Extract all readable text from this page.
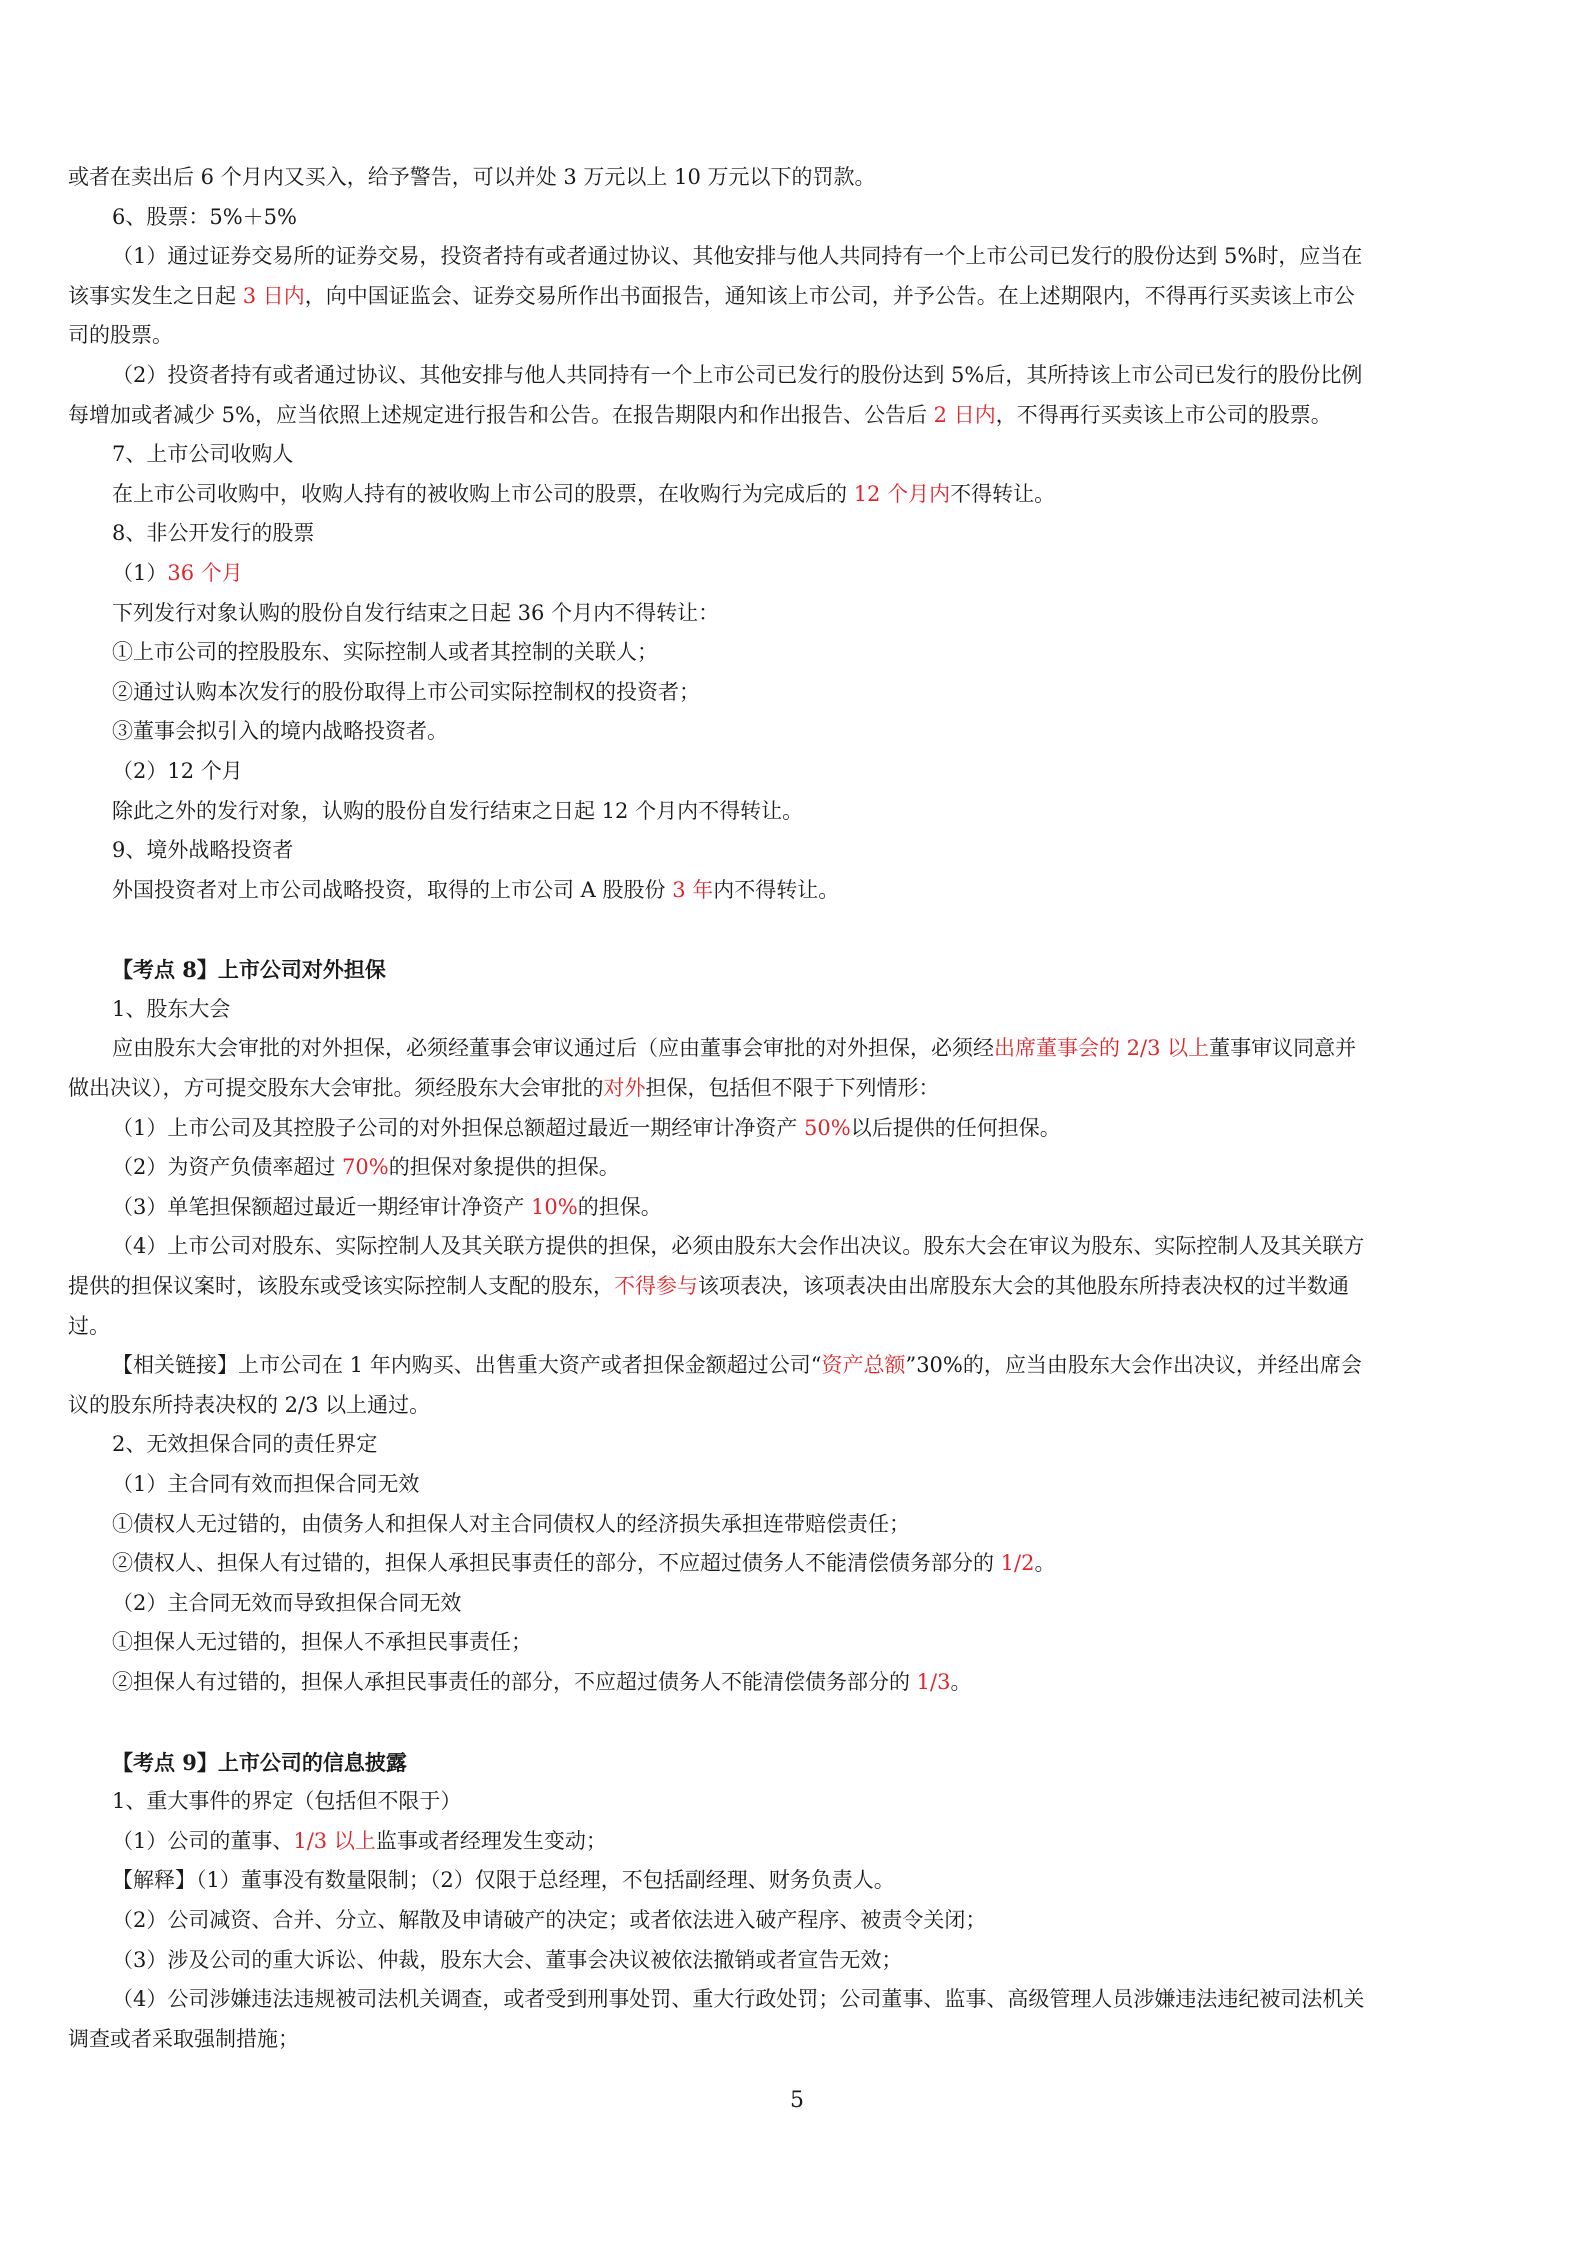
或者在卖出后 6 个月内又买入，给予警告，可以并处 3 万元以上 10 万元以下的罚款。
6、股票：5%＋5%
（1）通过证券交易所的证券交易，投资者持有或者通过协议、其他安排与他人共同持有一个上市公司已发行的股份达到 5%时，应当在
该事实发生之日起 3 日内，向中国证监会、证券交易所作出书面报告，通知该上市公司，并予公告。在上述期限内，不得再行买卖该上市公
司的股票。
（2）投资者持有或者通过协议、其他安排与他人共同持有一个上市公司已发行的股份达到 5%后，其所持该上市公司已发行的股份比例
每增加或者减少 5%，应当依照上述规定进行报告和公告。在报告期限内和作出报告、公告后 2 日内，不得再行买卖该上市公司的股票。
7、上市公司收购人
在上市公司收购中，收购人持有的被收购上市公司的股票，在收购行为完成后的 12 个月内不得转让。
8、非公开发行的股票
（1）36 个月
下列发行对象认购的股份自发行结束之日起 36 个月内不得转让：
①上市公司的控股股东、实际控制人或者其控制的关联人；
②通过认购本次发行的股份取得上市公司实际控制权的投资者；
③董事会拟引入的境内战略投资者。
（2）12 个月
除此之外的发行对象，认购的股份自发行结束之日起 12 个月内不得转让。
9、境外战略投资者
外国投资者对上市公司战略投资，取得的上市公司 A 股股份 3 年内不得转让。
【考点 8】上市公司对外担保
1、股东大会
应由股东大会审批的对外担保，必须经董事会审议通过后（应由董事会审批的对外担保，必须经出席董事会的 2/3 以上董事审议同意并
做出决议），方可提交股东大会审批。须经股东大会审批的对外担保，包括但不限于下列情形：
（1）上市公司及其控股子公司的对外担保总额超过最近一期经审计净资产 50%以后提供的任何担保。
（2）为资产负债率超过 70%的担保对象提供的担保。
（3）单笔担保额超过最近一期经审计净资产 10%的担保。
（4）上市公司对股东、实际控制人及其关联方提供的担保，必须由股东大会作出决议。股东大会在审议为股东、实际控制人及其关联方
提供的担保议案时，该股东或受该实际控制人支配的股东，不得参与该项表决，该项表决由出席股东大会的其他股东所持表决权的过半数通
过。
【相关链接】上市公司在 1 年内购买、出售重大资产或者担保金额超过公司“资产总额”30%的，应当由股东大会作出决议，并经出席会
议的股东所持表决权的 2/3 以上通过。
2、无效担保合同的责任界定
（1）主合同有效而担保合同无效
①债权人无过错的，由债务人和担保人对主合同债权人的经济损失承担连带赔偿责任；
②债权人、担保人有过错的，担保人承担民事责任的部分，不应超过债务人不能清偿债务部分的 1/2。
（2）主合同无效而导致担保合同无效
①担保人无过错的，担保人不承担民事责任；
②担保人有过错的，担保人承担民事责任的部分，不应超过债务人不能清偿债务部分的 1/3。
【考点 9】上市公司的信息披露
1、重大事件的界定（包括但不限于）
（1）公司的董事、1/3 以上监事或者经理发生变动；
【解释】（1）董事没有数量限制；（2）仅限于总经理，不包括副经理、财务负责人。
（2）公司减资、合并、分立、解散及申请破产的决定；或者依法进入破产程序、被责令关闭；
（3）涉及公司的重大诉讼、仲裁，股东大会、董事会决议被依法撤销或者宣告无效；
（4）公司涉嫌违法违规被司法机关调查，或者受到刑事处罚、重大行政处罚；公司董事、监事、高级管理人员涉嫌违法违纪被司法机关
调查或者采取强制措施；
5
